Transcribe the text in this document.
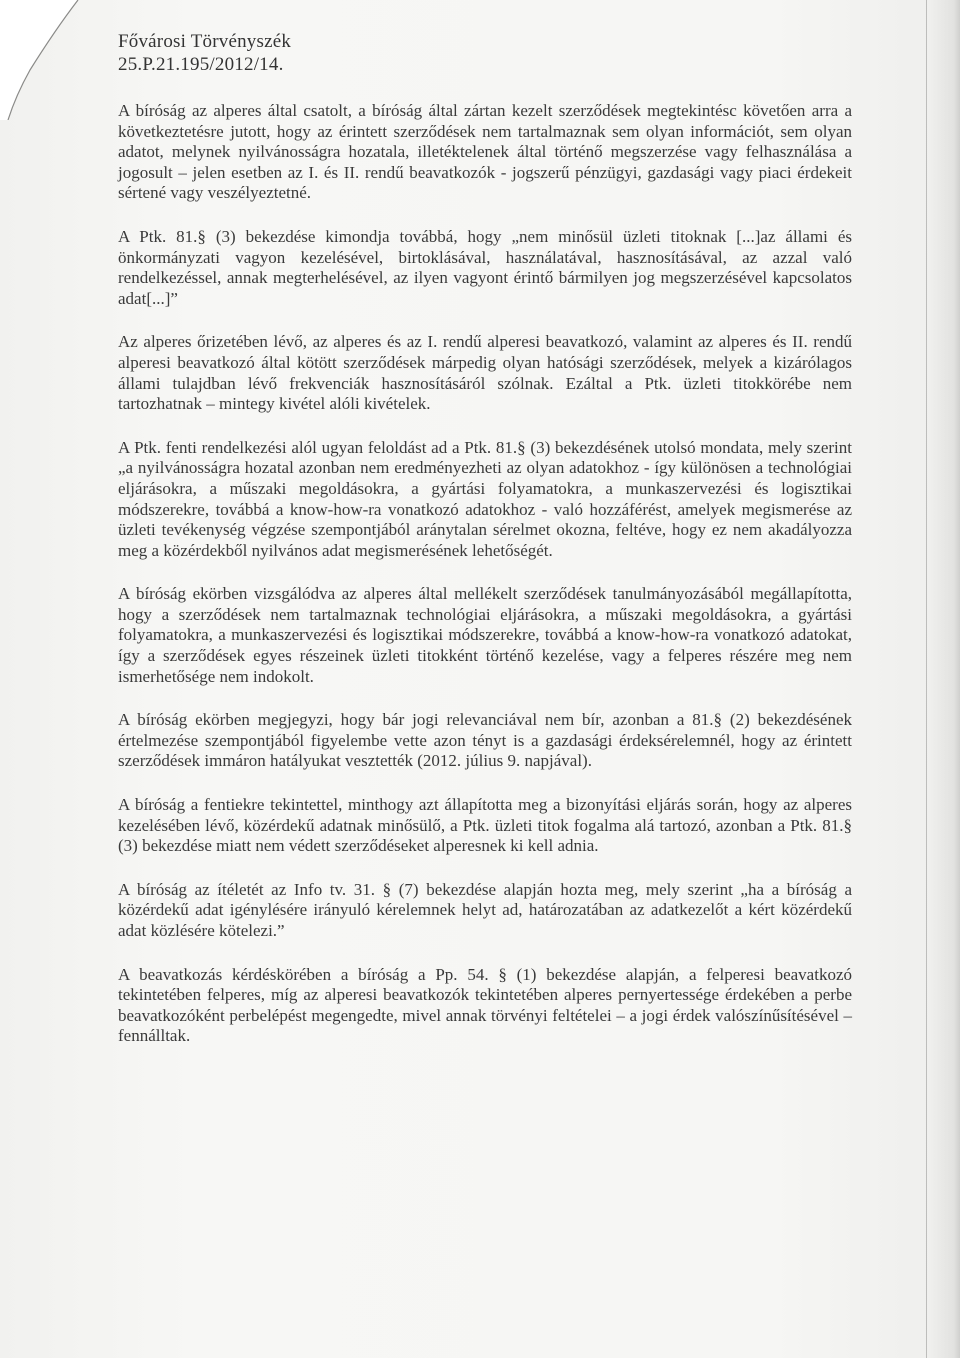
Fővárosi Törvényszék
25.P.21.195/2012/14.

A bíróság az alperes által csatolt, a bíróság által zártan kezelt szerződések megtekintésc követően arra a következtetésre jutott, hogy az érintett szerződések nem tartalmaznak sem olyan információt, sem olyan adatot, melynek nyilvánosságra hozatala, illetéktelenek által történő megszerzése vagy felhasználása a jogosult – jelen esetben az I. és II. rendű beavatkozók - jogszerű pénzügyi, gazdasági vagy piaci érdekeit sértené vagy veszélyeztetné.

A Ptk. 81.§ (3) bekezdése kimondja továbbá, hogy „nem minősül üzleti titoknak [...]az állami és önkormányzati vagyon kezelésével, birtoklásával, használatával, hasznosításával, az azzal való rendelkezéssel, annak megterhelésével, az ilyen vagyont érintő bármilyen jog megszerzésével kapcsolatos adat[...]”

Az alperes őrizetében lévő, az alperes és az I. rendű alperesi beavatkozó, valamint az alperes és II. rendű alperesi beavatkozó által kötött szerződések márpedig olyan hatósági szerződések, melyek a kizárólagos állami tulajdban lévő frekvenciák hasznosításáról szólnak. Ezáltal a Ptk. üzleti titokkörébe nem tartozhatnak – mintegy kivétel alóli kivételek.

A Ptk. fenti rendelkezési alól ugyan feloldást ad a Ptk. 81.§ (3) bekezdésének utolsó mondata, mely szerint „a nyilvánosságra hozatal azonban nem eredményezheti az olyan adatokhoz - így különösen a technológiai eljárásokra, a műszaki megoldásokra, a gyártási folyamatokra, a munkaszervezési és logisztikai módszerekre, továbbá a know-how-ra vonatkozó adatokhoz - való hozzáférést, amelyek megismerése az üzleti tevékenység végzése szempontjából aránytalan sérelmet okozna, feltéve, hogy ez nem akadályozza meg a közérdekből nyilvános adat megismerésének lehetőségét.

A bíróság ekörben vizsgálódva az alperes által mellékelt szerződések tanulmányozásából megállapította, hogy a szerződések nem tartalmaznak technológiai eljárásokra, a műszaki megoldásokra, a gyártási folyamatokra, a munkaszervezési és logisztikai módszerekre, továbbá a know-how-ra vonatkozó adatokat, így a szerződések egyes részeinek üzleti titokként történő kezelése, vagy a felperes részére meg nem ismerhetősége nem indokolt.

A bíróság ekörben megjegyzi, hogy bár jogi relevanciával nem bír, azonban a 81.§ (2) bekezdésének értelmezése szempontjából figyelembe vette azon tényt is a gazdasági érdeksérelemnél, hogy az érintett szerződések immáron hatályukat vesztették (2012. július 9. napjával).

A bíróság a fentiekre tekintettel, minthogy azt állapította meg a bizonyítási eljárás során, hogy az alperes kezelésében lévő, közérdekű adatnak minősülő, a Ptk. üzleti titok fogalma alá tartozó, azonban a Ptk. 81.§ (3) bekezdése miatt nem védett szerződéseket alperesnek ki kell adnia.

A bíróság az ítéletét az Info tv. 31. § (7) bekezdése alapján hozta meg, mely szerint „ha a bíróság a közérdekű adat igénylésére irányuló kérelemnek helyt ad, határozatában az adatkezelőt a kért közérdekű adat közlésére kötelezi.”

A beavatkozás kérdéskörében a bíróság a Pp. 54. § (1) bekezdése alapján, a felperesi beavatkozó tekintetében felperes, míg az alperesi beavatkozók tekintetében alperes pernyertessége érdekében a perbe beavatkozóként perbelépést megengedte, mivel annak törvényi feltételei – a jogi érdek valószínűsítésével – fennálltak.
